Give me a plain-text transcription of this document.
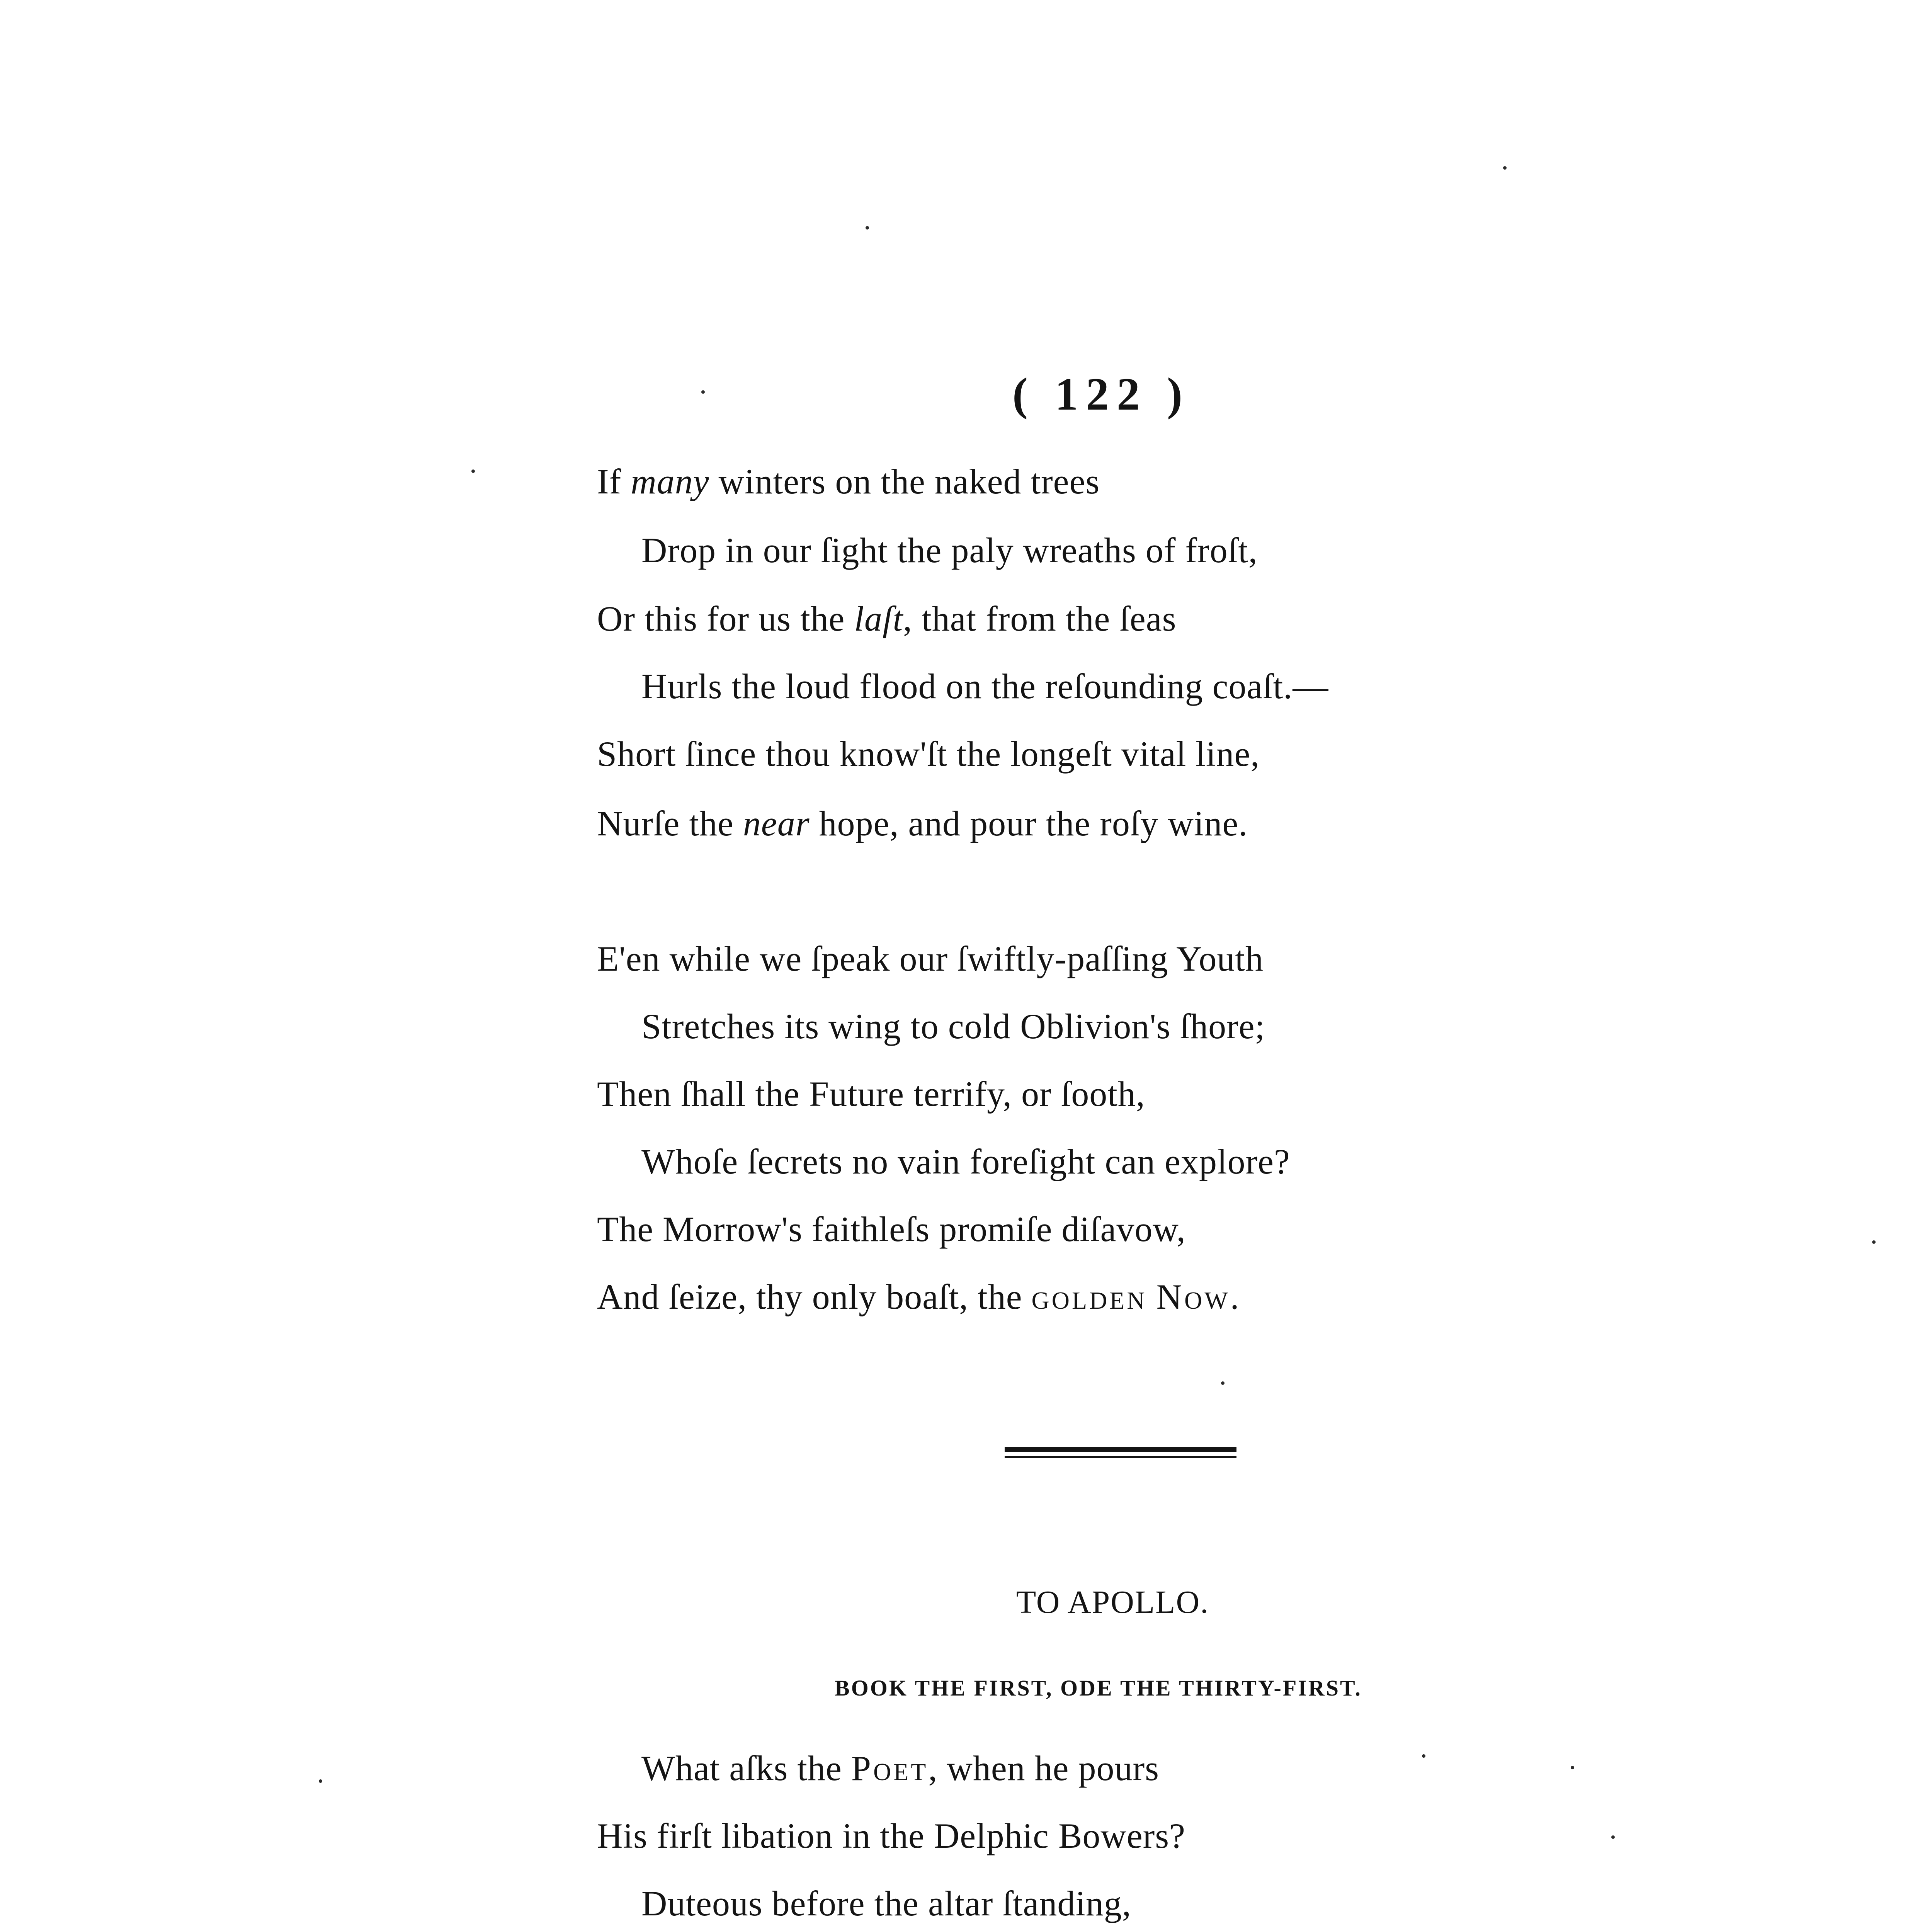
( 122 )
If many winters on the naked trees
Drop in our ſight the paly wreaths of froſt,
Or this for us the laſt, that from the ſeas
Hurls the loud flood on the reſounding coaſt.—
Short ſince thou know'ſt the longeſt vital line,
Nurſe the near hope, and pour the roſy wine.
E'en while we ſpeak our ſwiftly-paſſing Youth
Stretches its wing to cold Oblivion's ſhore;
Then ſhall the Future terrify, or ſooth,
Whoſe ſecrets no vain foreſight can explore?
The Morrow's faithleſs promiſe diſavow,
And ſeize, thy only boaſt, the golden Now.
TO APOLLO.
BOOK THE FIRST, ODE THE THIRTY-FIRST.
What aſks the Poet, when he pours
His firſt libation in the Delphic Bowers?
Duteous before the altar ſtanding,
